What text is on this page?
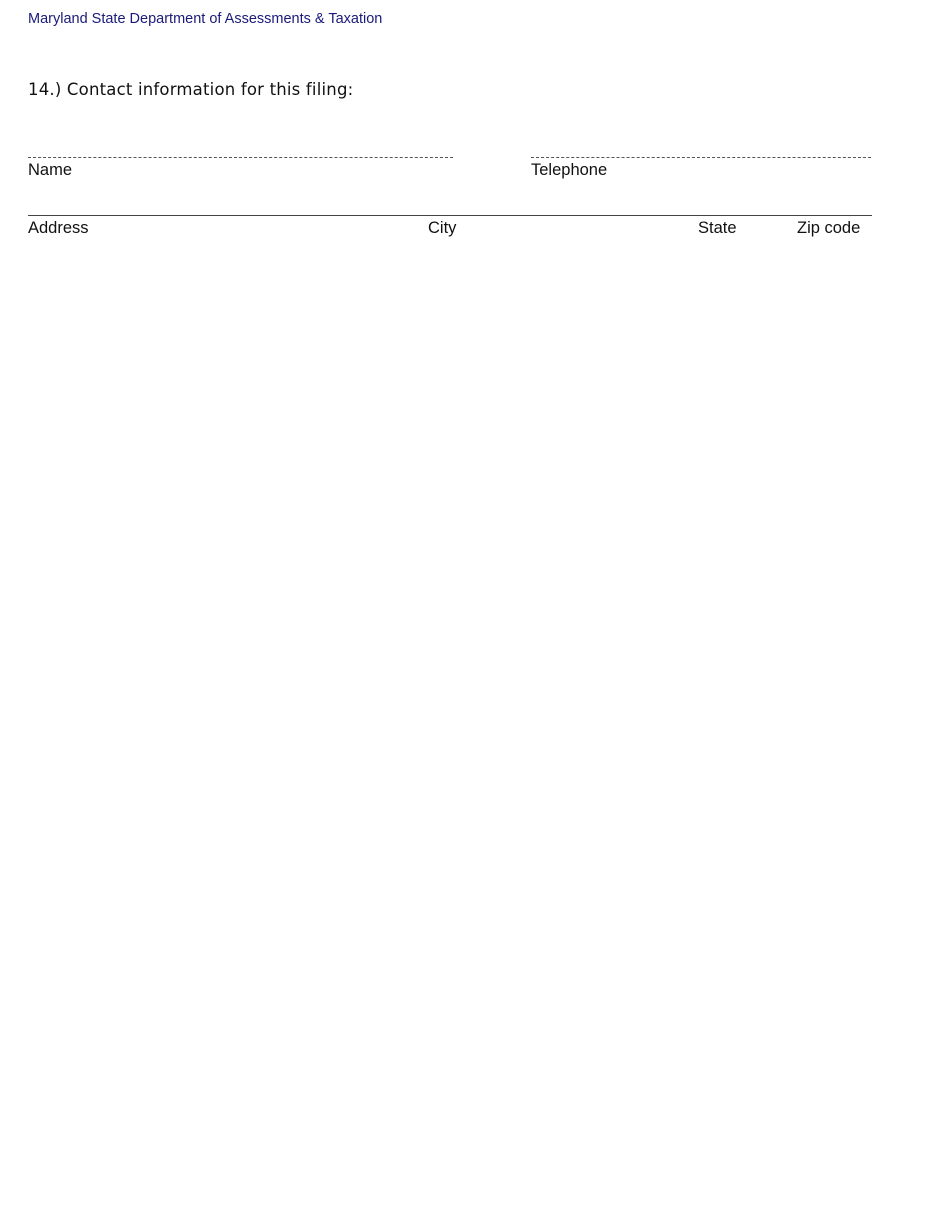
Maryland State Department of Assessments & Taxation
14.) Contact information for this filing:
Name	Telephone
Address	City	State	Zip code
